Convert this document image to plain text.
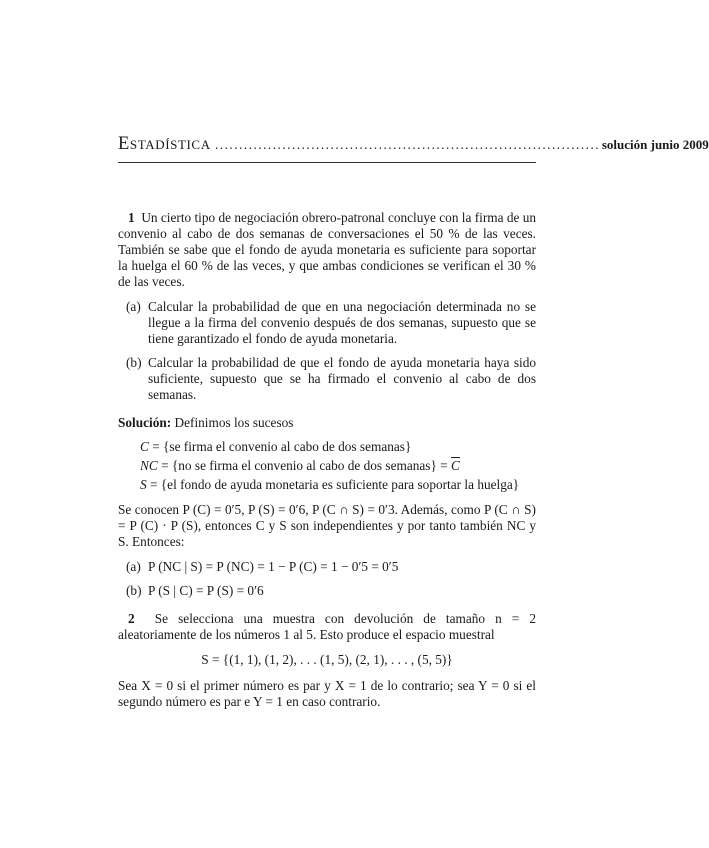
Estadística ................................................................................ solución junio 2009

1 Un cierto tipo de negociación obrero-patronal concluye con la firma de un convenio al cabo de dos semanas de conversaciones el 50 % de las veces. También se sabe que el fondo de ayuda monetaria es suficiente para soportar la huelga el 60 % de las veces, y que ambas condiciones se verifican el 30 % de las veces.

(a) Calcular la probabilidad de que en una negociación determinada no se llegue a la firma del convenio después de dos semanas, supuesto que se tiene garantizado el fondo de ayuda monetaria.
(b) Calcular la probabilidad de que el fondo de ayuda monetaria haya sido suficiente, supuesto que se ha firmado el convenio al cabo de dos semanas.

Solución: Definimos los sucesos

C = {se firma el convenio al cabo de dos semanas}
NC = {no se firma el convenio al cabo de dos semanas} = $\overline{C}$
S = {el fondo de ayuda monetaria es suficiente para soportar la huelga}

Se conocen P (C) = 0′5, P (S) = 0′6, P (C ∩ S) = 0′3. Además, como P (C ∩ S) = P (C) · P (S), entonces C y S son independientes y por tanto también NC y S. Entonces:

(a) P (NC | S) = P (NC) = 1 − P (C) = 1 − 0′5 = 0′5
(b) P (S | C) = P (S) = 0′6

2 Se selecciona una muestra con devolución de tamaño n = 2 aleatoriamente de los números 1 al 5. Esto produce el espacio muestral

S = {(1, 1), (1, 2), . . . (1, 5), (2, 1), . . . , (5, 5)}

Sea X = 0 si el primer número es par y X = 1 de lo contrario; sea Y = 0 si el segundo número es par e Y = 1 en caso contrario.
